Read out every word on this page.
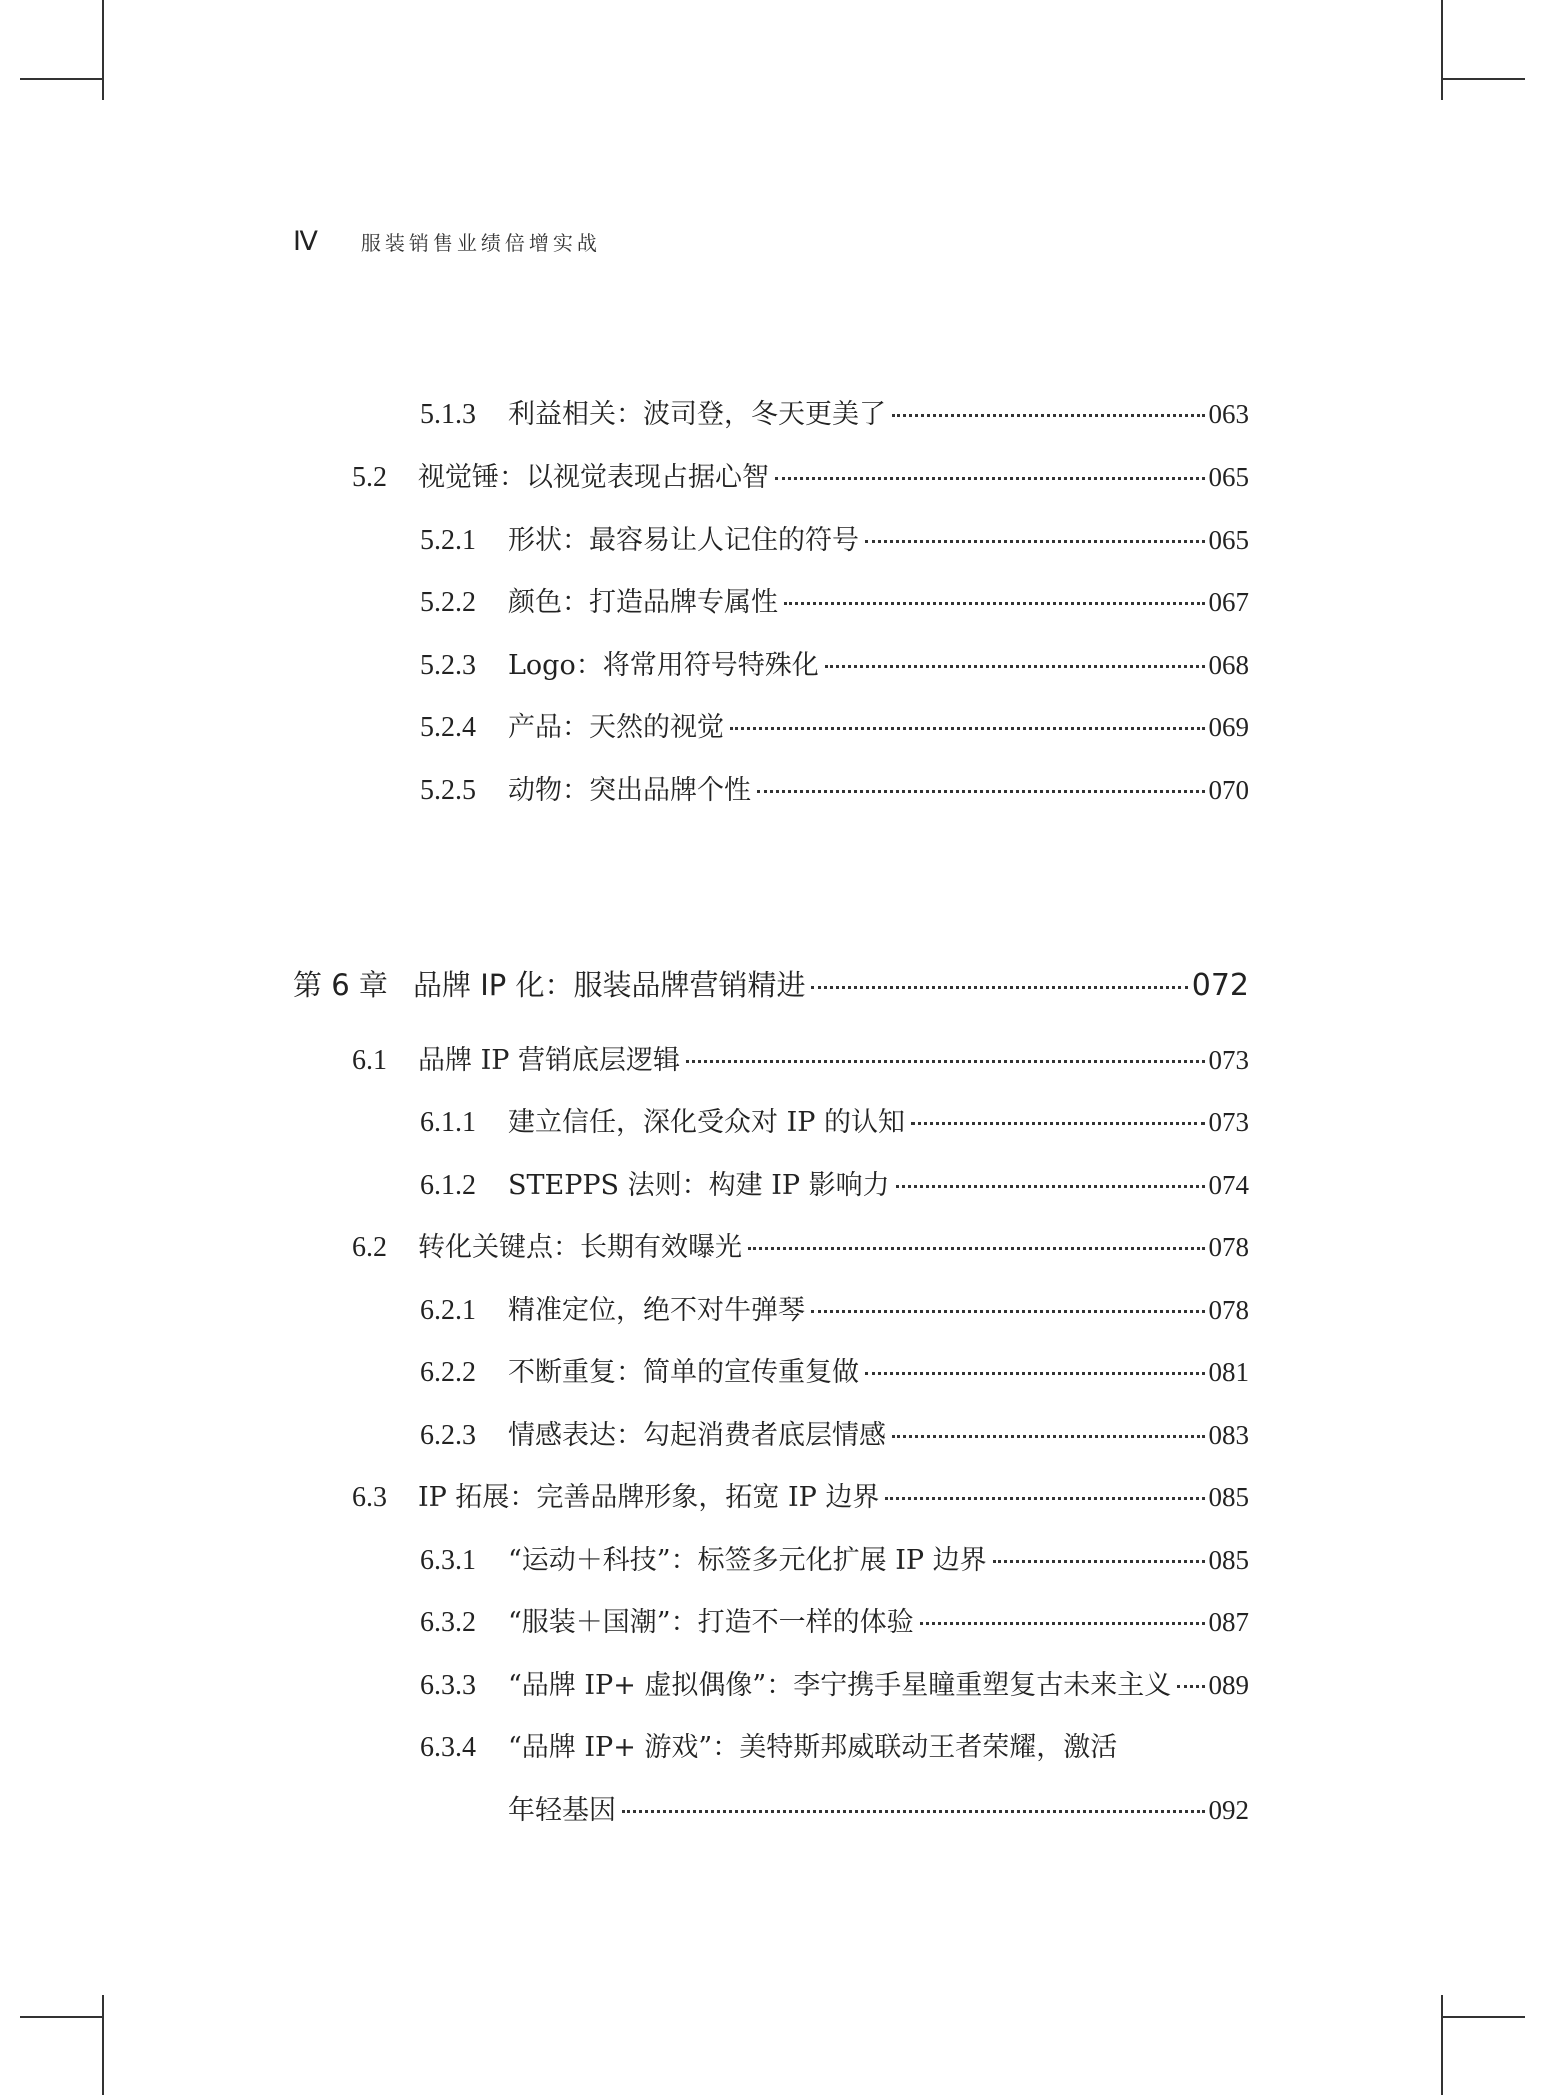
Ⅳ 服装销售业绩倍增实战
5.1.3	利益相关：波司登，冬天更美了	063
5.2	视觉锤：以视觉表现占据心智	065
5.2.1	形状：最容易让人记住的符号	065
5.2.2	颜色：打造品牌专属性	067
5.2.3	Logo：将常用符号特殊化	068
5.2.4	产品：天然的视觉	069
5.2.5	动物：突出品牌个性	070
第 6 章 品牌 IP 化：服装品牌营销精进	072
6.1	品牌 IP 营销底层逻辑	073
6.1.1	建立信任，深化受众对 IP 的认知	073
6.1.2	STEPPS 法则：构建 IP 影响力	074
6.2	转化关键点：长期有效曝光	078
6.2.1	精准定位，绝不对牛弹琴	078
6.2.2	不断重复：简单的宣传重复做	081
6.2.3	情感表达：勾起消费者底层情感	083
6.3	IP 拓展：完善品牌形象，拓宽 IP 边界	085
6.3.1	“运动＋科技”：标签多元化扩展 IP 边界	085
6.3.2	“服装＋国潮”：打造不一样的体验	087
6.3.3	“品牌 IP+ 虚拟偶像”：李宁携手星瞳重塑复古未来主义 089
6.3.4	“品牌 IP+ 游戏”：美特斯邦威联动王者荣耀，激活
年轻基因	092
